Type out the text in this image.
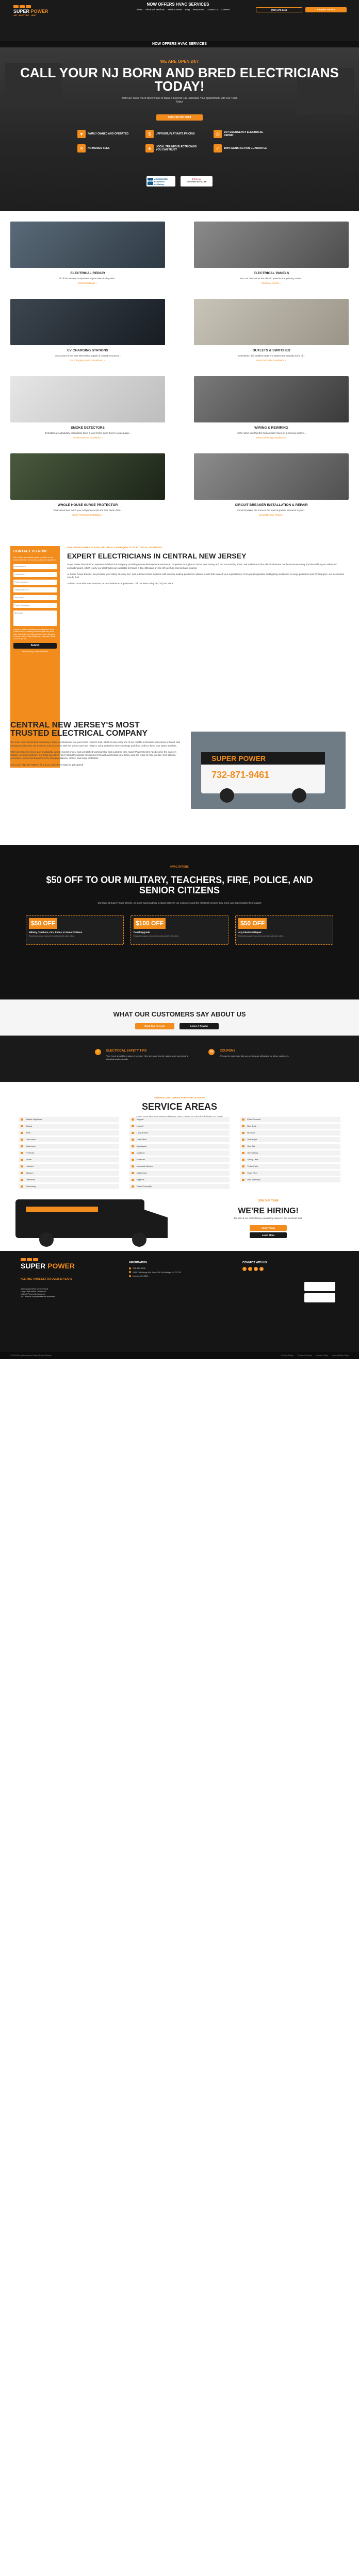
SUPER POWER
AIR · ELECTRIC · HEAT
NOW OFFERS HVAC SERVICES
About Electrical Services Service Areas Blog Resources Contact Us Careers	(732) 471-9461	Request Service
NOW OFFERS HVAC SERVICES
WE ARE OPEN 24/7
CALL YOUR NJ BORN AND BRED ELECTRICIANS TODAY!
With Our Team, You'll Never Have to Make a Second Call. Schedule Your Appointment with Our Team Today!
Call (732) 697-9908
♥	FAMILY OWNED AND OPERATED	$	UPFRONT, FLAT RATE PRICING	◷	24/7 EMERGENCY ELECTRICAL REPAIR
✕	NO HIDDEN FEES	★	LOCAL TRAINED ELECTRICIANS YOU CAN TRUST	✓	100% SATISFACTION GUARANTEE
BBB
ACCREDITED BUSINESS
A+ Rating
TESLA
CERTIFIED INSTALLER
ELECTRICAL REPAIR
All of the various components in your electrical system...
Electrical Repair »
ELECTRICAL PANELS
You can think about the electric panel as the primary center...
Electrical Panels »
EV CHARGING STATIONS
On account of the ever-decreasing supply of natural resources...
EV Charging Station Installation »
OUTLETS & SWITCHES
Sometimes, the smallest parts of a system are actually some of...
Electrical Outlet Installation »
SMOKE DETECTORS
Detectors are absolutely essential to have in your home since they're a safeguard...
Smoke Detector Installation »
WIRING & REWIRING
In the same way that the human body relies on a nervous system...
Electrical Wiring Installation »
WHOLE HOUSE SURGE PROTECTOR
Think about how much your cell phone costs and then think of the...
Surge Protection Installation »
CIRCUIT BREAKER INSTALLATION & REPAIR
Circuit breakers are some of the most important elements in your...
Circuit Breaker Repair »
CONTACT US NOW
Fill out the form below and a member of our team will reach out to you as soon as possible!
First Name *
Last Name *
Phone Number *
Email Address *
Zip Code *
Power Company
Message
I agree to receive marketing messaging from Super Power Electric, including text messages and phone calls. Consent is not required to purchase. Message frequency varies. Msg & data rates may apply. Reply STOP to opt out.
Submit
Privacy Policy | Terms of Service
OUR SUPER POWER IS SAFE, RELIABLE & HIGH-QUALITY ELECTRICAL SOLUTIONS
EXPERT ELECTRICIANS IN CENTRAL NEW JERSEY

Super Power Electric is an experienced electrical company providing unmatched electrical services to properties throughout Central New Jersey and the surrounding areas. We understand that electrical issues can be nerve-wracking and also affect your safety and comfort indoors, which is why our electricians are available 24 hours a day, 365 days a year. We are fully licensed and insured.

At Super Power Electric, we prioritize your safety at every turn, and put time-tested methods with industry-leading products to deliver results that exceed your expectations. From panel upgrades and lighting installation to surge protectors and EV chargers, our electricians can do it all.

To learn more about our services, or to schedule an appointment, call our team today at (732) 697-9908.

NJ - TRUST IN SUPER POWER ELECTRIC
CENTRAL NEW JERSEY'S MOST TRUSTED ELECTRICAL COMPANY

Our team understands that exercising a service professional into your home requires trust, which is why every one of our reliable technicians is licensed, insured, and background checked. We treat you and your home with the utmost care and respect, using protective shoe coverings and drop cloths to keep your space spotless.

With fast response times, 24/7 availability, upfront honest prices, and unmatched workmanship and customer care, Super Power Electric has become the name in reliable electrical solutions. Our local specialists have helped thousands of customers throughout Central New Jersey and are ready to help you too, from lighting, generators, and circuit breakers to EV charging stations, outlets, and surge protectors.

Call us at (732) 697-9908 or fill out our online form today to get started!

SUPER POWER
732-871-9461
HVAC OFFERS
$50 OFF TO OUR MILITARY, TEACHERS, FIRE, POLICE, AND SENIOR CITIZENS
Our team at Super Power Electric, we don't want anything to stand between our customers and the electrical services they need, and that includes their budget!
$50 OFF
Military, Teachers, Fire, Police, & Senior Citizens
Restrictions apply. Cannot be combined with other offers.
$100 OFF
Panel Upgrade
Restrictions apply. Cannot be combined with other offers.
$50 OFF
Any Electrical Repair
Restrictions apply. Cannot be combined with other offers.
WHAT OUR CUSTOMERS SAY ABOUT US
Read Our Reviews	Leave A Review
⚡ ELECTRICAL SAFETY TIPS
Your home should be a place of comfort. Here are some tips for making sure your home's electrical system is safe.
%	COUPONS
We want to make sure that our services are affordable for all our customers.
SERVING CUSTOMERS FOR OVER 20 YEARS
SERVICE AREAS
Atlantic Highlands	Keyport	Point Pleasant
Belmar	Lincroft	Red Bank
Brick	Long Branch	Rumson
Colts Neck	Little Silver	Sea Bright
Eatontown	Manalapan	Sea Girt
Freehold	Marlboro	Shrewsbury
Hazlet	Matawan	Spring Lake
Holmdel	Monmouth Beach	Tinton Falls
Jackson	Middletown	Toms River
Lakewood	Neptune	Wall Township
Rosenberg	Ocean Township
JOIN OUR TEAM
WE'RE HIRING!
Be part of our team! Bring a rewarding career in the electrical field.
Apply Today
Learn More
SUPER POWER
HELPING FAMILIES FOR OVER 20 YEARS
100% guaranteed service result
Larger Alternative List Leader
Upfront Pricing No Surprises
24/7 electric complete service available
INFORMATION
732-497-4005
2165 Old Bridge Rd, Suite 300 Old Bridge, NJ 07733
License #013603
CONNECT WITH US
f	in	ig	yt
© 2023 All rights reserved Super Power Electric	Privacy Policy Terms of Service Cookie Policy Accessibility Policy
